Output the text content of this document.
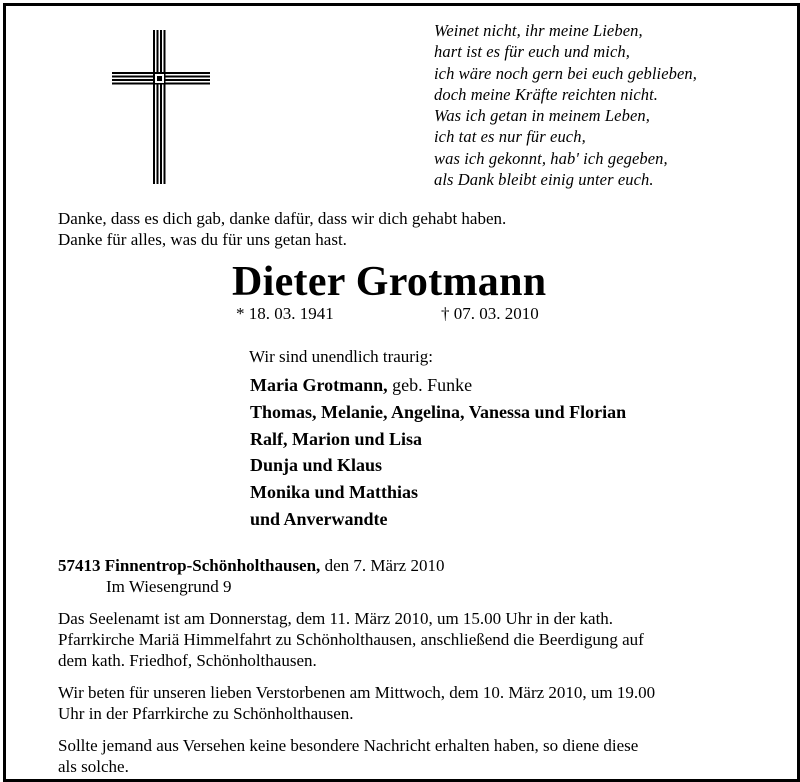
Weinet nicht, ihr meine Lieben,
hart ist es für euch und mich,
ich wäre noch gern bei euch geblieben,
doch meine Kräfte reichten nicht.
Was ich getan in meinem Leben,
ich tat es nur für euch,
was ich gekonnt, hab' ich gegeben,
als Dank bleibt einig unter euch.
Danke, dass es dich gab, danke dafür, dass wir dich gehabt haben.
Danke für alles, was du für uns getan hast.
Dieter Grotmann
* 18. 03. 1941	† 07. 03. 2010
Wir sind unendlich traurig:
Maria Grotmann, geb. Funke
Thomas, Melanie, Angelina, Vanessa und Florian
Ralf, Marion und Lisa
Dunja und Klaus
Monika und Matthias
und Anverwandte
57413 Finnentrop-Schönholthausen, den 7. März 2010
Im Wiesengrund 9
Das Seelenamt ist am Donnerstag, dem 11. März 2010, um 15.00 Uhr in der kath.
Pfarrkirche Mariä Himmelfahrt zu Schönholthausen, anschließend die Beerdigung auf
dem kath. Friedhof, Schönholthausen.
Wir beten für unseren lieben Verstorbenen am Mittwoch, dem 10. März 2010, um 19.00
Uhr in der Pfarrkirche zu Schönholthausen.
Sollte jemand aus Versehen keine besondere Nachricht erhalten haben, so diene diese
als solche.
